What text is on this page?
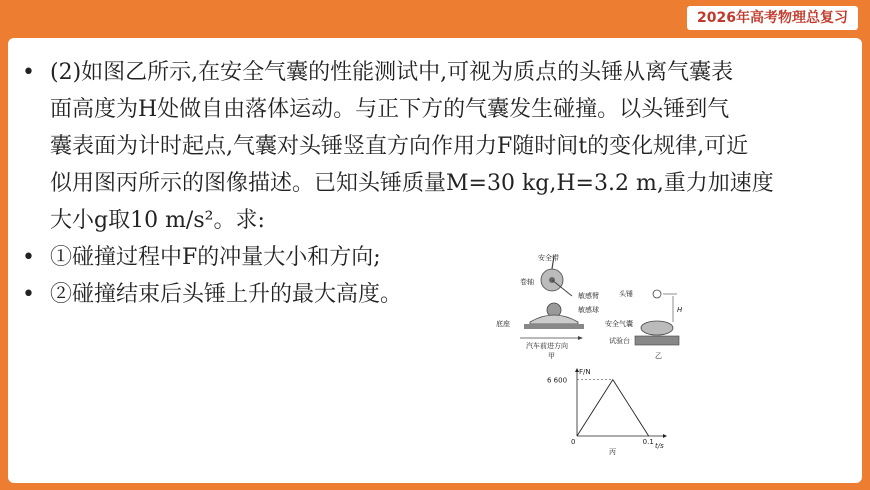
2026年高考物理总复习
• (2)如图乙所示,在安全气囊的性能测试中,可视为质点的头锤从离气囊表
面高度为H处做自由落体运动。与正下方的气囊发生碰撞。以头锤到气
囊表面为计时起点,气囊对头锤竖直方向作用力F随时间t的变化规律,可近
似用图丙所示的图像描述。已知头锤质量M=30 kg,H=3.2 m,重力加速度
大小g取10 m/s²。求:
• ①碰撞过程中F的冲量大小和方向;
• ②碰撞结束后头锤上升的最大高度。
安全带
卷轴
敏感臂
敏感球
底座
汽车前进方向
甲
头锤
H
安全气囊
试验台
乙
F/N
6 600
0	0.1 t/s
丙
